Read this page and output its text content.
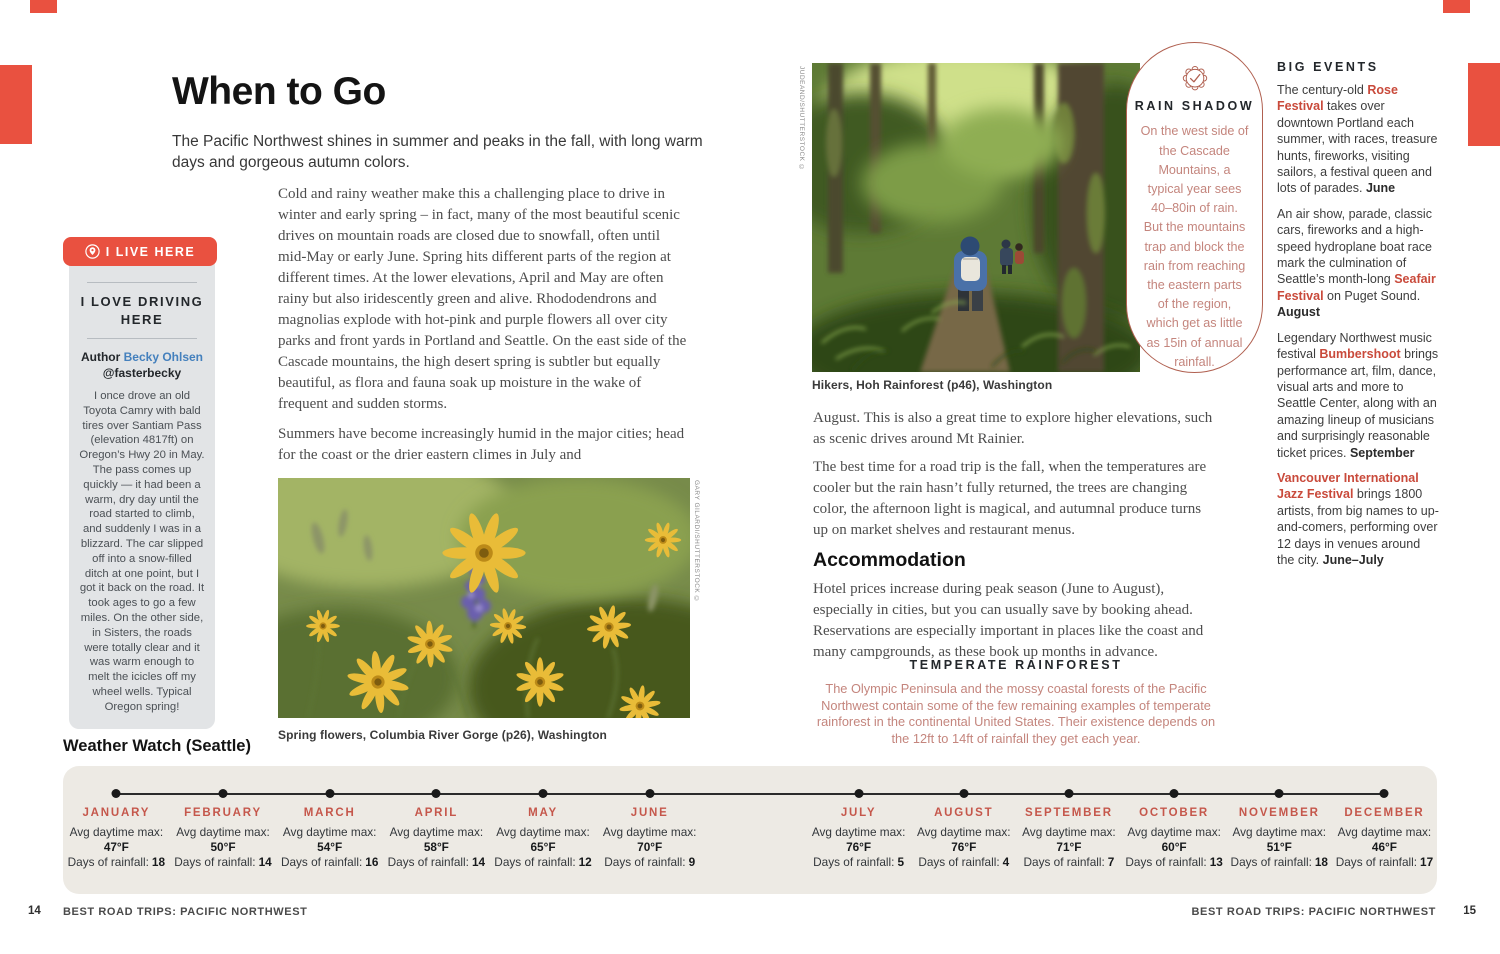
When to Go

The Pacific Northwest shines in summer and peaks in the fall, with long warm days and gorgeous autumn colors.

I LIVE HERE
I LOVE DRIVING HERE
Author Becky Ohlsen
@fasterbecky

I once drove an old Toyota Camry with bald tires over Santiam Pass (elevation 4817ft) on Oregon’s Hwy 20 in May. The pass comes up quickly — it had been a warm, dry day until the road started to climb, and suddenly I was in a blizzard. The car slipped off into a snow-filled ditch at one point, but I got it back on the road. It took ages to go a few miles. On the other side, in Sisters, the roads were totally clear and it was warm enough to melt the icicles off my wheel wells. Typical Oregon spring!

Cold and rainy weather make this a challenging place to drive in winter and early spring – in fact, many of the most beautiful scenic drives on mountain roads are closed due to snowfall, often until mid-May or early June. Spring hits different parts of the region at different times. At the lower elevations, April and May are often rainy but also iridescently green and alive. Rhododendrons and magnolias explode with hot-pink and purple flowers all over city parks and front yards in Portland and Seattle. On the east side of the Cascade mountains, the high desert spring is subtler but equally beautiful, as flora and fauna soak up moisture in the wake of frequent and sudden storms.

Summers have become increasingly humid in the major cities; head for the coast or the drier eastern climes in July and

Spring flowers, Columbia River Gorge (p26), Washington
GARY GILARDI/SHUTTERSTOCK ©
JUDEAND/SHUTTERSTOCK ©
Hikers, Hoh Rainforest (p46), Washington
RAIN SHADOW

On the west side of the Cascade Mountains, a typical year sees 40–80in of rain. But the mountains trap and block the rain from reaching the eastern parts of the region, which get as little as 15in of annual rainfall.

August. This is also a great time to explore higher elevations, such as scenic drives around Mt Rainier.

The best time for a road trip is the fall, when the temperatures are cooler but the rain hasn’t fully returned, the trees are changing color, the afternoon light is magical, and autumnal produce turns up on market shelves and restaurant menus.

Accommodation

Hotel prices increase during peak season (June to August), especially in cities, but you can usually save by booking ahead. Reservations are especially important in places like the coast and many campgrounds, as these book up months in advance.

TEMPERATE RAINFOREST

The Olympic Peninsula and the mossy coastal forests of the Pacific Northwest contain some of the few remaining examples of temperate rainforest in the continental United States. Their existence depends on the 12ft to 14ft of rainfall they get each year.

BIG EVENTS

The century-old Rose Festival takes over downtown Portland each summer, with races, treasure hunts, fireworks, visiting sailors, a festival queen and lots of parades. June

An air show, parade, classic cars, fireworks and a high-speed hydroplane boat race mark the culmination of Seattle’s month-long Seafair Festival on Puget Sound. August

Legendary Northwest music festival Bumbershoot brings performance art, film, dance, visual arts and more to Seattle Center, along with an amazing lineup of musicians and surprisingly reasonable ticket prices. September

Vancouver International Jazz Festival brings 1800 artists, from big names to up-and-comers, performing over 12 days in venues around the city. June–July

Weather Watch (Seattle)
JANUARY
Avg daytime max:
47°F
Days of rainfall: 18
FEBRUARY
Avg daytime max:
50°F
Days of rainfall: 14
MARCH
Avg daytime max:
54°F
Days of rainfall: 16
APRIL
Avg daytime max:
58°F
Days of rainfall: 14
MAY
Avg daytime max:
65°F
Days of rainfall: 12
JUNE
Avg daytime max:
70°F
Days of rainfall: 9
JULY
Avg daytime max:
76°F
Days of rainfall: 5
AUGUST
Avg daytime max:
76°F
Days of rainfall: 4
SEPTEMBER
Avg daytime max:
71°F
Days of rainfall: 7
OCTOBER
Avg daytime max:
60°F
Days of rainfall: 13
NOVEMBER
Avg daytime max:
51°F
Days of rainfall: 18
DECEMBER
Avg daytime max:
46°F
Days of rainfall: 17
14 BEST ROAD TRIPS: PACIFIC NORTHWEST	BEST ROAD TRIPS: PACIFIC NORTHWEST 15
